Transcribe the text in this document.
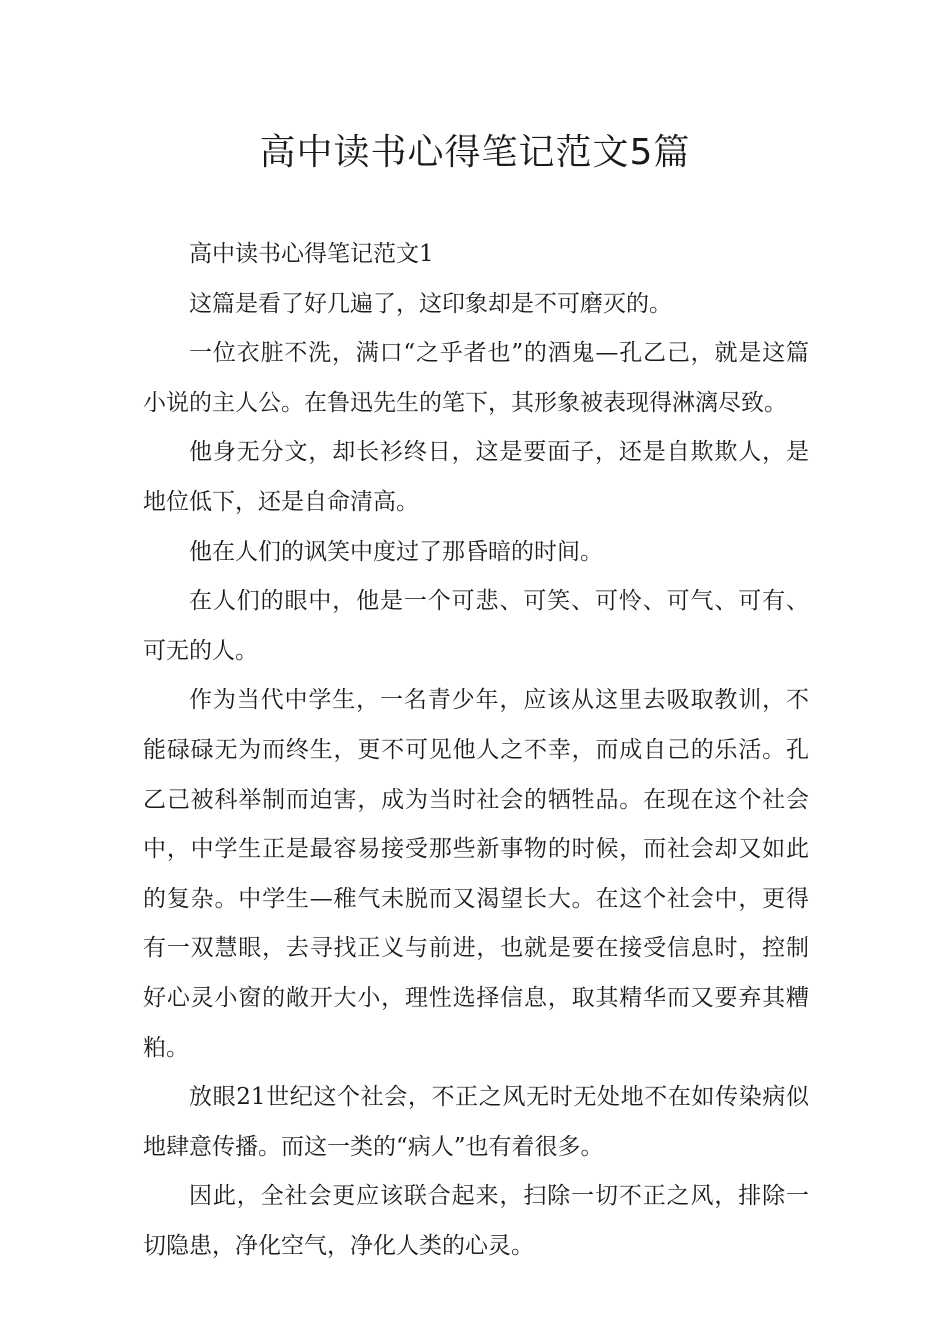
高中读书心得笔记范文5篇

高中读书心得笔记范文1

这篇是看了好几遍了，这印象却是不可磨灭的。

一位衣脏不洗，满口“之乎者也”的酒鬼—孔乙己，就是这篇小说的主人公。在鲁迅先生的笔下，其形象被表现得淋漓尽致。

他身无分文，却长衫终日，这是要面子，还是自欺欺人，是地位低下，还是自命清高。

他在人们的讽笑中度过了那昏暗的时间。

在人们的眼中，他是一个可悲、可笑、可怜、可气、可有、可无的人。

作为当代中学生，一名青少年，应该从这里去吸取教训，不能碌碌无为而终生，更不可见他人之不幸，而成自己的乐活。孔乙己被科举制而迫害，成为当时社会的牺牲品。在现在这个社会中，中学生正是最容易接受那些新事物的时候，而社会却又如此的复杂。中学生—稚气未脱而又渴望长大。在这个社会中，更得有一双慧眼，去寻找正义与前进，也就是要在接受信息时，控制好心灵小窗的敞开大小，理性选择信息，取其精华而又要弃其糟粕。

放眼21世纪这个社会，不正之风无时无处地不在如传染病似地肆意传播。而这一类的“病人”也有着很多。

因此，全社会更应该联合起来，扫除一切不正之风，排除一切隐患，净化空气，净化人类的心灵。
